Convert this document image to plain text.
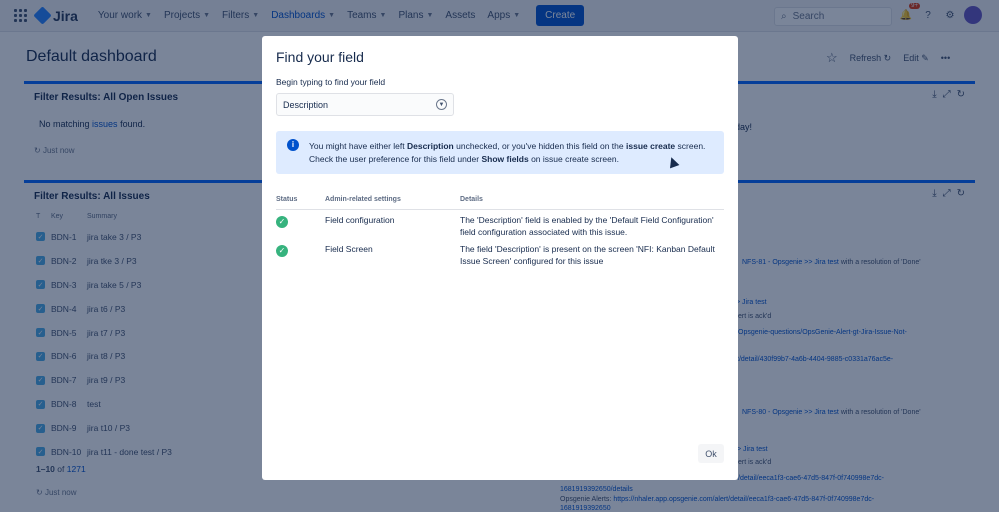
Find your field
Begin typing to find your field
Description	▼
i	You might have either left Description unchecked, or you've hidden this field on the issue create screen. Check the user preference for this field under Show fields on issue create screen.
Status	Admin-related settings	Details
✓	Field configuration	The 'Description' field is enabled by the 'Default Field Configuration' field configuration associated with this issue.
✓	Field Screen	The field 'Description' is present on the screen 'NFI: Kanban Default Issue Screen' configured for this issue
Ok
